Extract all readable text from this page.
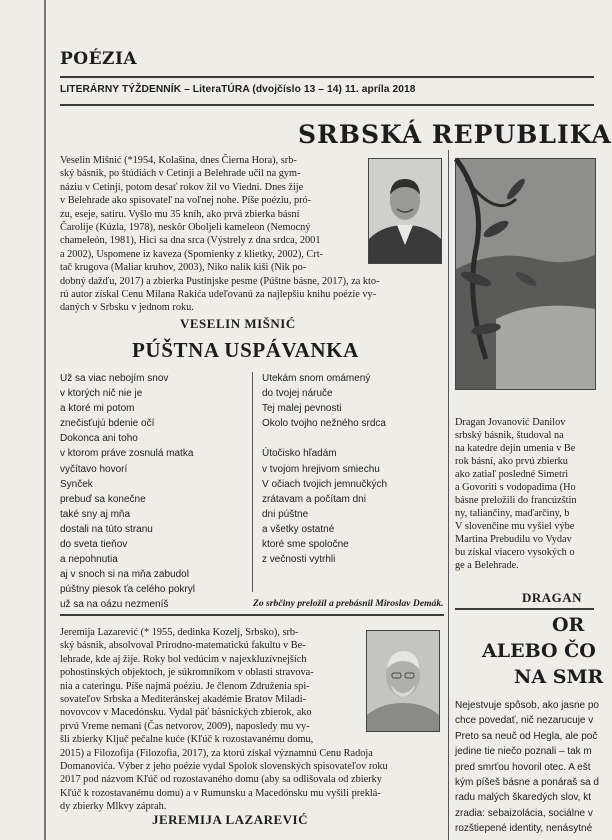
POÉZIA
LITERÁRNY TÝŽDENNÍK – LiteraTÚRA (dvojčíslo 13 – 14) 11. apríla 2018
SRBSKÁ REPUBLIKA
Veselin Mišnić (*1954, Kolašina, dnes Čierna Hora), srb-
ský básnik, po štúdiách v Cetinji a Belehrade učil na gym-
náziu v Cetinji, potom desať rokov žil vo Viedni. Dnes žije
v Belehrade ako spisovateľ na voľnej nohe. Píše poéziu, pró-
zu, eseje, satiru. Vyšlo mu 35 kníh, ako prvá zbierka básní
Čarolije (Kúzla, 1978), neskôr Obolјeli kameleon (Nemocný
chameleón, 1981), Hici sa dna srca (Výstrely z dna srdca, 2001
a 2002), Uspomene iz kaveza (Spomienky z klietky, 2002), Crt-
tač krugova (Maliar kruhov, 2003), Niko nalik kiši (Nik po-
dobný dažďu, 2017) a zbierka Pustinjske pesme (Púštne básne, 2017), za kto-
rú autor získal Cenu Milana Rakića udeľovanú za najlepšiu knihu poézie vy-
daných v Srbsku v jednom roku.
VESELIN MIŠNIĆ
PÚŠTNA USPÁVANKA
Už sa viac nebojím snov
v ktorých nič nie je
a ktoré mi potom
znečisťujú bdenie očí
Dokonca ani toho
v ktorom práve zosnulá matka
vyčítavo hovorí
Synček
prebuď sa konečne
také sny aj mňa
dostali na túto stranu
do sveta tieňov
a nepohnutia
aj v snoch si na mňa zabudol
púštny piesok ťa celého pokryl
už sa na oázu nezmeníš
Utekám snom omámený
do tvojej náruče
Tej malej pevnosti
Okolo tvojho nežného srdca
Útočisko hľadám
v tvojom hrejivom smiechu
V očiach tvojich jemnučkých
zrátavam a počítam dni
dni púštne
a všetky ostatné
ktoré sme spoločne
z večnosti vytrhli
Zo srbčiny preložil a prebásnil Miroslav Demák.
Jeremija Lazarević (* 1955, dedinka Kozelj, Srbsko), srb-
ský básnik, absolvoval Prírodno-matematickú fakultu v Be-
lehrade, kde aj žije. Roky bol vedúcim v najexkluzívnejších
pohostinských objektoch, je súkromníkom v oblasti stravova-
nia a cateringu. Píše najmä poéziu. Je členom Združenia spi-
sovateľov Srbska a Mediteránskej akadémie Bratov Miladi-
novovcov v Macedónsku. Vydal päť básnických zbierok, ako
prvú Vreme nemani (Čas netvorov, 2009), naposledy mu vy-
šli zbierky Ključ pečalne kuće (Kľúč k rozostavanému domu,
2015) a Filozofija (Filozofia, 2017), za ktorú získal významnú Cenu Radoja
Domanovića. Výber z jeho poézie vydal Spolok slovenských spisovateľov roku
2017 pod názvom Kľúč od rozostavaného domu (aby sa odlišovala od zbierky
Kľúč k rozostavanému domu) a v Rumunsku a Macedónsku mu vyšili preklá-
dy zbierky Mlkvy záprah.
JEREMIJA LAZAREVIĆ
Dragan Jovanović Danilov
srbský básnik, študoval na
na katedre dejín umenia v Be
rok básní, ako prvú zbierku
ako zatiaľ posledné Simetri
a Govoriti s vodopadima (Ho
básne preložili do francúzštin
ny, taliančiny, maďarčiny, b
V slovenčine mu vyšiel výbe
Martina Prebudilu vo Vydav
bu získal viacero vysokých o
ge a Belehrade.
DRAGAN
OR
ALEBO ČO
NA SMR
Nejestvuje spôsob, ako jasne po
chce povedať, nič nezarucuje v
Preto sa neuč od Hegla, ale poč
jedine tie niečo poznali – tak m
pred smrťou hovoril otec. A ešt
kým píšeš básne a ponáraš sa d
radu malých škaredých slov, kt
zradia: sebaizolácia, sociálne v
rozštiepené identity, nenásytné
